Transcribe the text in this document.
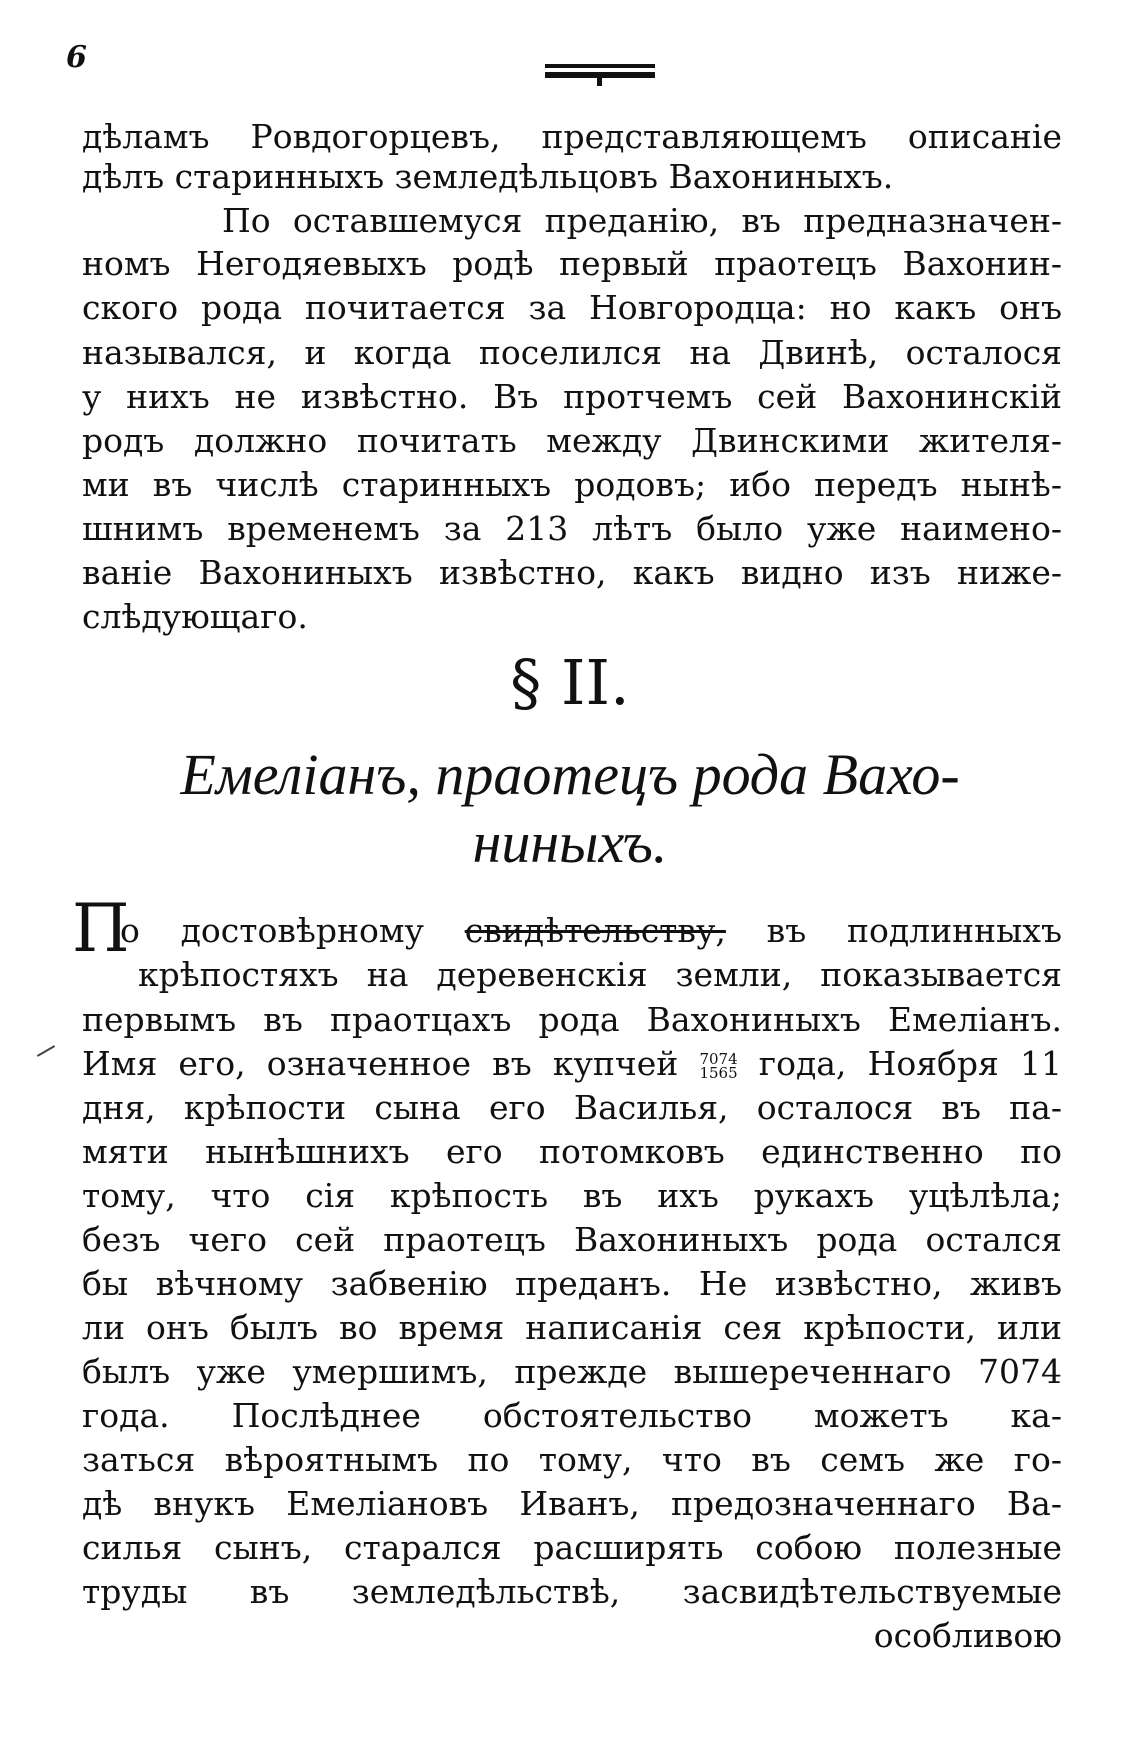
6
дѣламъ Ровдогорцевъ, представляющемъ описаніе
дѣлъ старинныхъ земледѣльцовъ Вахониныхъ.
По оставшемуся преданію, въ предназначен-
номъ Негодяевыхъ родѣ первый праотецъ Вахонин-
ского рода почитается за Новгородца: но какъ онъ
назывался, и когда поселился на Двинѣ, осталося
у нихъ не извѣстно. Въ протчемъ сей Вахонинскій
родъ должно почитать между Двинскими жителя-
ми въ числѣ старинныхъ родовъ; ибо передъ нынѣ-
шнимъ временемъ за 213 лѣтъ было уже наимено-
ваніе Вахониныхъ извѣстно, какъ видно изъ ниже-
слѣдующаго.
§ II.
Емеліанъ, праотецъ рода Вахо-
ниныхъ.
П
о достовѣрному свидѣтельству, въ подлинныхъ
крѣпостяхъ на деревенскія земли, показывается
первымъ въ праотцахъ рода Вахониныхъ Емеліанъ.
Имя его, означенное въ купчей 7074
1565 года, Ноября 11
дня, крѣпости сына его Василья, осталося въ па-
мяти нынѣшнихъ его потомковъ единственно по
тому, что сія крѣпость въ ихъ рукахъ уцѣлѣла;
безъ чего сей праотецъ Вахониныхъ рода остался
бы вѣчному забвенію преданъ. Не извѣстно, живъ
ли онъ былъ во время написанія сея крѣпости, или
былъ уже умершимъ, прежде вышереченнаго 7074
года. Послѣднее обстоятельство можетъ ка-
заться вѣроятнымъ по тому, что въ семъ же го-
дѣ внукъ Емеліановъ Иванъ, предозначеннаго Ва-
силья сынъ, старался расширять собою полезные
труды въ земледѣльствѣ, засвидѣтельствуемые
особливою
